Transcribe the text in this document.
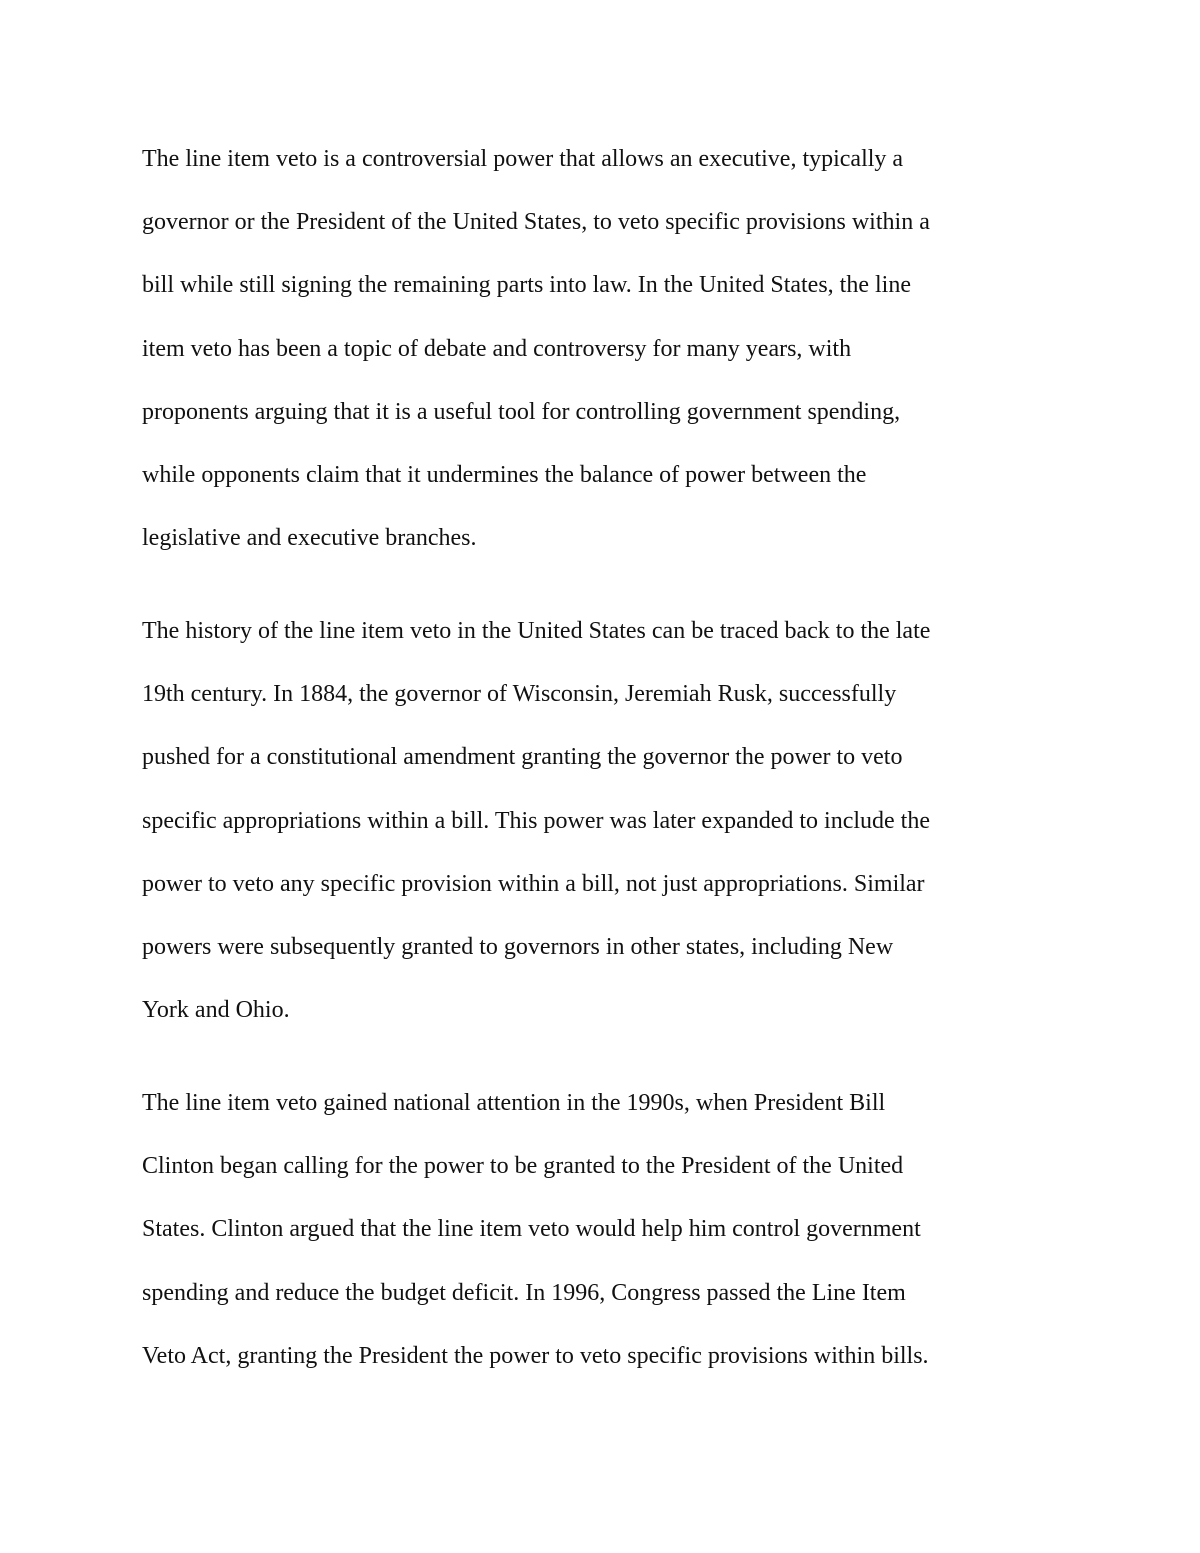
The line item veto is a controversial power that allows an executive, typically a
governor or the President of the United States, to veto specific provisions within a
bill while still signing the remaining parts into law. In the United States, the line
item veto has been a topic of debate and controversy for many years, with
proponents arguing that it is a useful tool for controlling government spending,
while opponents claim that it undermines the balance of power between the
legislative and executive branches.
The history of the line item veto in the United States can be traced back to the late
19th century. In 1884, the governor of Wisconsin, Jeremiah Rusk, successfully
pushed for a constitutional amendment granting the governor the power to veto
specific appropriations within a bill. This power was later expanded to include the
power to veto any specific provision within a bill, not just appropriations. Similar
powers were subsequently granted to governors in other states, including New
York and Ohio.
The line item veto gained national attention in the 1990s, when President Bill
Clinton began calling for the power to be granted to the President of the United
States. Clinton argued that the line item veto would help him control government
spending and reduce the budget deficit. In 1996, Congress passed the Line Item
Veto Act, granting the President the power to veto specific provisions within bills.
